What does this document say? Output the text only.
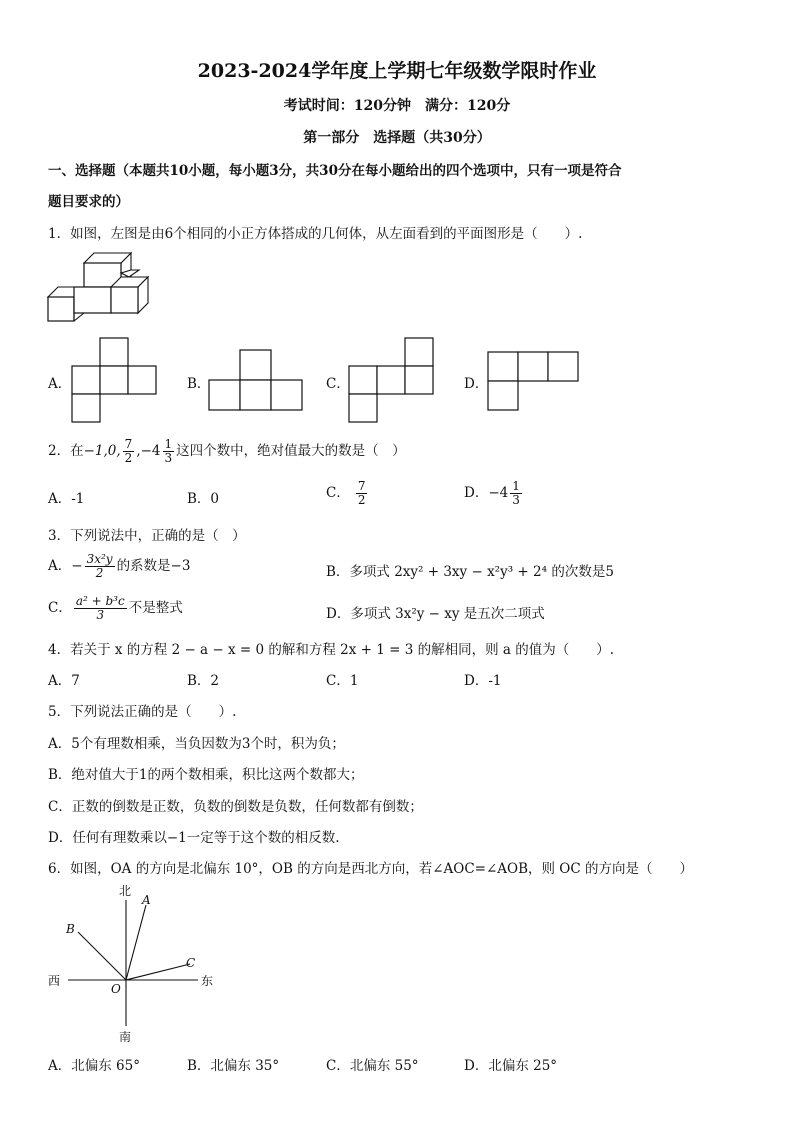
2023-2024学年度上学期七年级数学限时作业
考试时间：120分钟　满分：120分
第一部分　选择题（共30分）
一、选择题（本题共10小题，每小题3分，共30分在每小题给出的四个选项中，只有一项是符合
题目要求的）
1．如图，左图是由6个相同的小正方体搭成的几何体，从左面看到的平面图形是（　　）.
A．	B．	C．	D．
2．在−1,0, $\frac{7}{2} ,-4 \frac{1}{3}$ 这四个数中，绝对值最大的数是（　）
A．-1	B．0	C． $\frac{7}{2}$	D．$-4 \frac{1}{3}$
3．下列说法中，正确的是（　）
A．− $\frac{\text{3x²y}}{2}$ 的系数是−3	B．多项式 2xy² + 3xy − x²y³ + 2⁴ 的次数是5
C． $\frac{\text{a² + b³c}}{3}$ 不是整式	D．多项式 3x²y − xy 是五次二项式
4．若关于 x 的方程 2 − a − x = 0 的解和方程 2x + 1 = 3 的解相同，则 a 的值为（　　）.
A．7	B．2	C．1	D．-1
5．下列说法正确的是（　　）.
A．5个有理数相乘，当负因数为3个时，积为负；
B．绝对值大于1的两个数相乘，积比这两个数都大；
C．正数的倒数是正数，负数的倒数是负数，任何数都有倒数；
D．任何有理数乘以−1一定等于这个数的相反数.
6．如图，OA 的方向是北偏东 10°，OB 的方向是西北方向，若∠AOC=∠AOB，则 OC 的方向是（　　）
北
A
B
C
西	东
O
南
A．北偏东 65°	B．北偏东 35°	C．北偏东 55°	D．北偏东 25°
